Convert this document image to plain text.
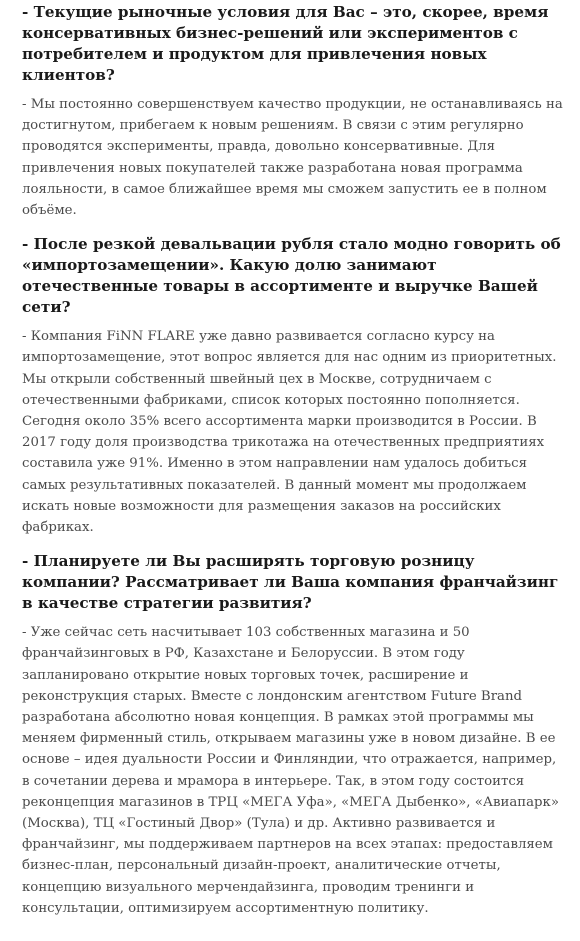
- Текущие рыночные условия для Вас – это, скорее, время консервативных бизнес-решений или экспериментов с потребителем и продуктом для привлечения новых клиентов?

- Мы постоянно совершенствуем качество продукции, не останавливаясь на достигнутом, прибегаем к новым решениям. В связи с этим регулярно проводятся эксперименты, правда, довольно консервативные. Для привлечения новых покупателей также разработана новая программа лояльности, в самое ближайшее время мы сможем запустить ее в полном объёме.

- После резкой девальвации рубля стало модно говорить об «импортозамещении». Какую долю занимают отечественные товары в ассортименте и выручке Вашей сети?

- Компания FiNN FLARE уже давно развивается согласно курсу на импортозамещение, этот вопрос является для нас одним из приоритетных. Мы открыли собственный швейный цех в Москве, сотрудничаем с отечественными фабриками, список которых постоянно пополняется. Сегодня около 35% всего ассортимента марки производится в России. В 2017 году доля производства трикотажа на отечественных предприятиях составила уже 91%. Именно в этом направлении нам удалось добиться самых результативных показателей. В данный момент мы продолжаем искать новые возможности для размещения заказов на российских фабриках.

- Планируете ли Вы расширять торговую розницу компании? Рассматривает ли Ваша компания франчайзинг в качестве стратегии развития?

- Уже сейчас сеть насчитывает 103 собственных магазина и 50 франчайзинговых в РФ, Казахстане и Белоруссии. В этом году запланировано открытие новых торговых точек, расширение и реконструкция старых. Вместе с лондонским агентством Future Brand разработана абсолютно новая концепция. В рамках этой программы мы меняем фирменный стиль, открываем магазины уже в новом дизайне. В ее основе – идея дуальности России и Финляндии, что отражается, например, в сочетании дерева и мрамора в интерьере. Так, в этом году состоится реконцепция магазинов в ТРЦ «МЕГА Уфа», «МЕГА Дыбенко», «Авиапарк» (Москва), ТЦ «Гостиный Двор» (Тула) и др. Активно развивается и франчайзинг, мы поддерживаем партнеров на всех этапах: предоставляем бизнес-план, персональный дизайн-проект, аналитические отчеты, концепцию визуального мерчендайзинга, проводим тренинги и консультации, оптимизируем ассортиментную политику.
